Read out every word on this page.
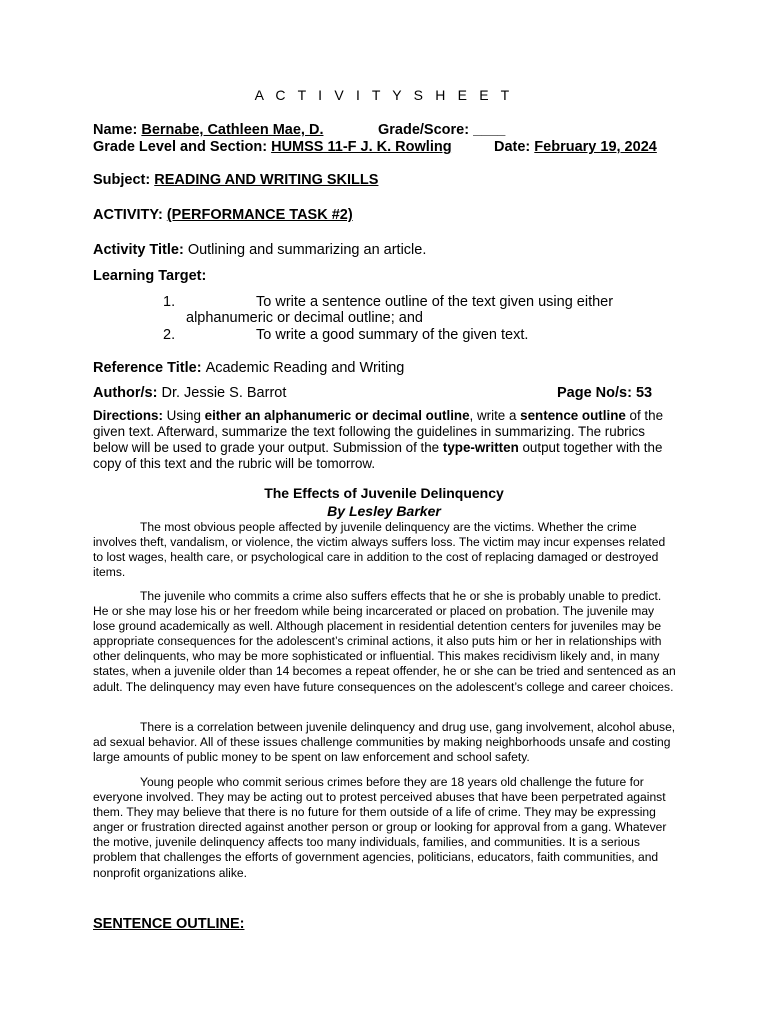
A C T I V I T Y S H E E T
Name: Bernabe, Cathleen Mae, D.	Grade/Score: ____
Grade Level and Section: HUMSS 11-F J. K. Rowling	Date: February 19, 2024
Subject: READING AND WRITING SKILLS
ACTIVITY: (PERFORMANCE TASK #2)
Activity Title: Outlining and summarizing an article.
Learning Target:
1.	To write a sentence outline of the text given using either
alphanumeric or decimal outline; and
2.	To write a good summary of the given text.
Reference Title: Academic Reading and Writing
Author/s: Dr. Jessie S. Barrot	Page No/s: 53
Directions: Using either an alphanumeric or decimal outline, write a sentence outline of the given text. Afterward, summarize the text following the guidelines in summarizing. The rubrics below will be used to grade your output. Submission of the type-written output together with the copy of this text and the rubric will be tomorrow.
The Effects of Juvenile Delinquency
By Lesley Barker

The most obvious people affected by juvenile delinquency are the victims. Whether the crime involves theft, vandalism, or violence, the victim always suffers loss. The victim may incur expenses related to lost wages, health care, or psychological care in addition to the cost of replacing damaged or destroyed items.

The juvenile who commits a crime also suffers effects that he or she is probably unable to predict. He or she may lose his or her freedom while being incarcerated or placed on probation. The juvenile may lose ground academically as well. Although placement in residential detention centers for juveniles may be appropriate consequences for the adolescent’s criminal actions, it also puts him or her in relationships with other delinquents, who may be more sophisticated or influential. This makes recidivism likely and, in many states, when a juvenile older than 14 becomes a repeat offender, he or she can be tried and sentenced as an adult. The delinquency may even have future consequences on the adolescent’s college and career choices.

There is a correlation between juvenile delinquency and drug use, gang involvement, alcohol abuse, ad sexual behavior. All of these issues challenge communities by making neighborhoods unsafe and costing large amounts of public money to be spent on law enforcement and school safety.

Young people who commit serious crimes before they are 18 years old challenge the future for everyone involved. They may be acting out to protest perceived abuses that have been perpetrated against them. They may believe that there is no future for them outside of a life of crime. They may be expressing anger or frustration directed against another person or group or looking for approval from a gang. Whatever the motive, juvenile delinquency affects too many individuals, families, and communities. It is a serious problem that challenges the efforts of government agencies, politicians, educators, faith communities, and nonprofit organizations alike.

SENTENCE OUTLINE:
